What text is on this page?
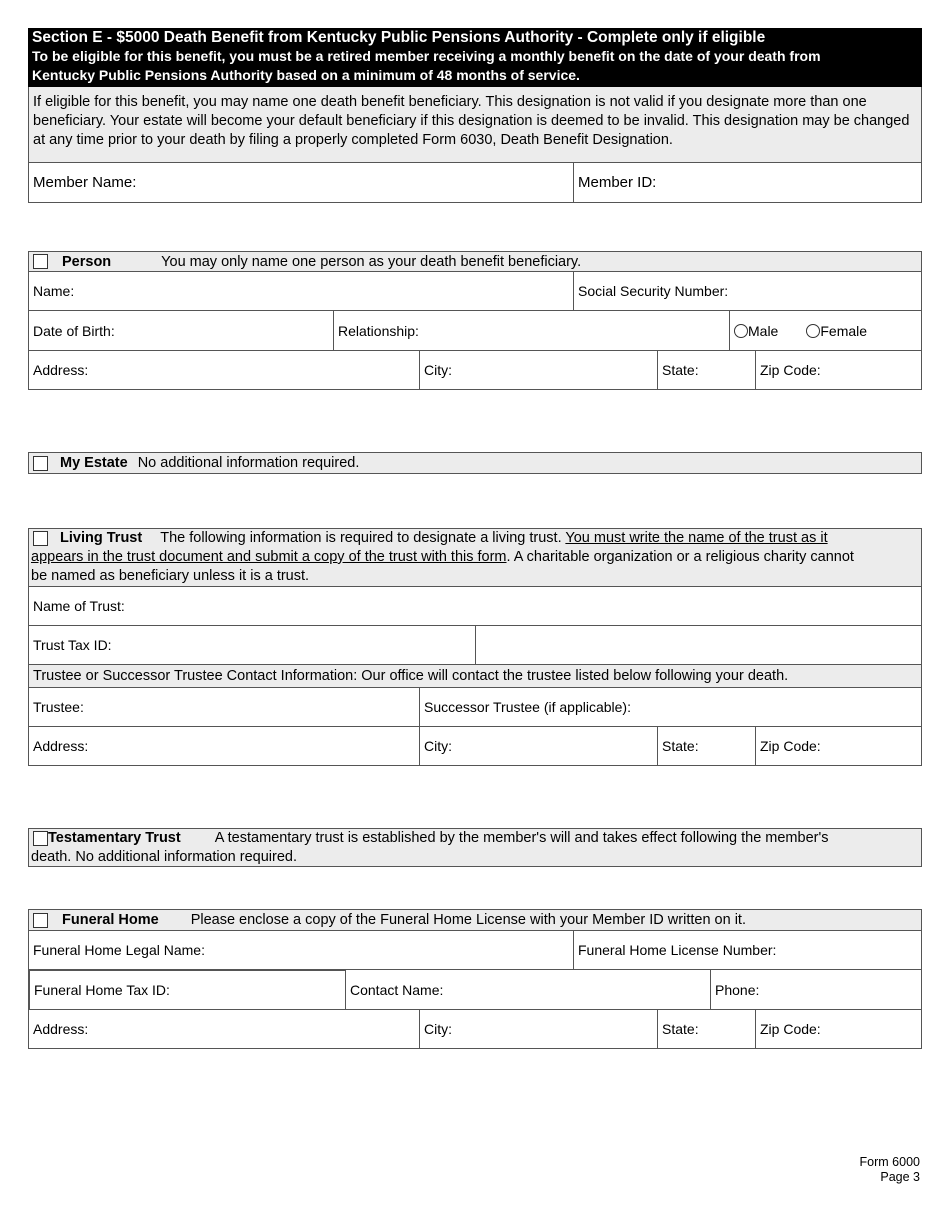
Section E - $5000 Death Benefit from Kentucky Public Pensions Authority - Complete only if eligible
To be eligible for this benefit, you must be a retired member receiving a monthly benefit on the date of your death from
Kentucky Public Pensions Authority based on a minimum of 48 months of service.
If eligible for this benefit, you may name one death benefit beneficiary. This designation is not valid if you designate more than one beneficiary. Your estate will become your default beneficiary if this designation is deemed to be invalid. This designation may be changed at any time prior to your death by filing a properly completed Form 6030, Death Benefit Designation.
Member Name:	Member ID:
Person	You may only name one person as your death benefit beneficiary.
Name:	Social Security Number:
Date of Birth:	Relationship:	Male	Female
Address:	City:	State:	Zip Code:
My Estate No additional information required.
Living Trust The following information is required to designate a living trust. You must write the name of the trust as it
appears in the trust document and submit a copy of the trust with this form. A charitable organization or a religious charity cannot
be named as beneficiary unless it is a trust.
Name of Trust:
Trust Tax ID:
Trustee or Successor Trustee Contact Information: Our office will contact the trustee listed below following your death.
Trustee:	Successor Trustee (if applicable):
Address:	City:	State:	Zip Code:
Testamentary Trust A testamentary trust is established by the member's will and takes effect following the member's
death. No additional information required.
Funeral Home Please enclose a copy of the Funeral Home License with your Member ID written on it.
Funeral Home Legal Name:	Funeral Home License Number:
Funeral Home Tax ID:	Contact Name:	Phone:
Address:	City:	State:	Zip Code:
Form 6000
Page 3
